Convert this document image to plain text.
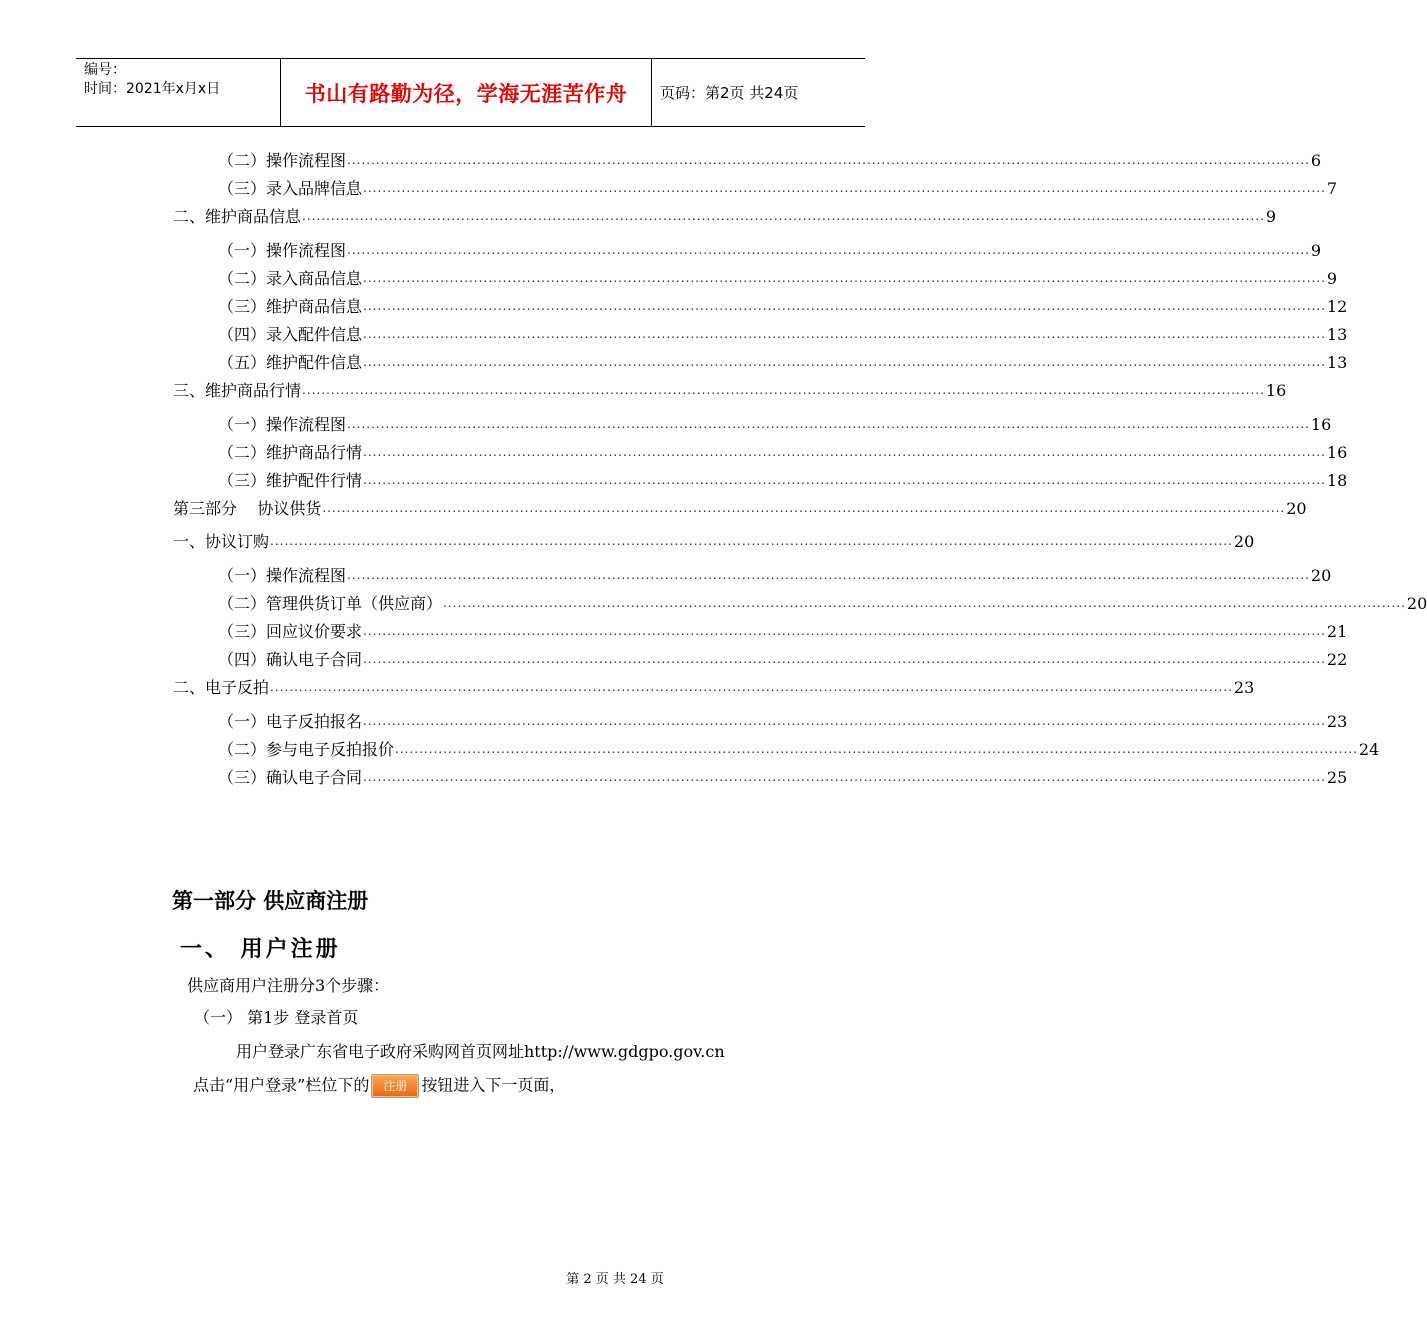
编号：
时间：2021年x月x日	书山有路勤为径，学海无涯苦作舟	页码：第2页 共24页
（二） 操作流程图 ........................................................................................................................................................................................................ 6
（三） 录入品牌信息 ........................................................................................................................................................................................................ 7
二、 维护商品信息 ........................................................................................................................................................................................................ 9
（一） 操作流程图 ........................................................................................................................................................................................................ 9
（二） 录入商品信息 ........................................................................................................................................................................................................ 9
（三） 维护商品信息 ........................................................................................................................................................................................................ 12
（四） 录入配件信息 ........................................................................................................................................................................................................ 13
（五） 维护配件信息 ........................................................................................................................................................................................................ 13
三、 维护商品行情 ........................................................................................................................................................................................................ 16
（一） 操作流程图 ........................................................................................................................................................................................................ 16
（二） 维护商品行情 ........................................................................................................................................................................................................ 16
（三） 维护配件行情 ........................................................................................................................................................................................................ 18
第三部分    协议供货 ........................................................................................................................................................................................................ 20
一、 协议订购 ........................................................................................................................................................................................................ 20
（一） 操作流程图 ........................................................................................................................................................................................................ 20
（二） 管理供货订单（供应商） ........................................................................................................................................................................................................ 20
（三） 回应议价要求 ........................................................................................................................................................................................................ 21
（四） 确认电子合同 ........................................................................................................................................................................................................ 22
二、 电子反拍 ........................................................................................................................................................................................................ 23
（一） 电子反拍报名 ........................................................................................................................................................................................................ 23
（二） 参与电子反拍报价 ........................................................................................................................................................................................................ 24
（三） 确认电子合同 ........................................................................................................................................................................................................ 25
第一部分 供应商注册
一、 用户注册
供应商用户注册分3个步骤：
（一） 第1步 登录首页
用户登录广东省电子政府采购网首页网址http://www.gdgpo.gov.cn
点击“用户登录”栏位下的 注册 按钮进入下一页面，
第 2 页 共 24 页
